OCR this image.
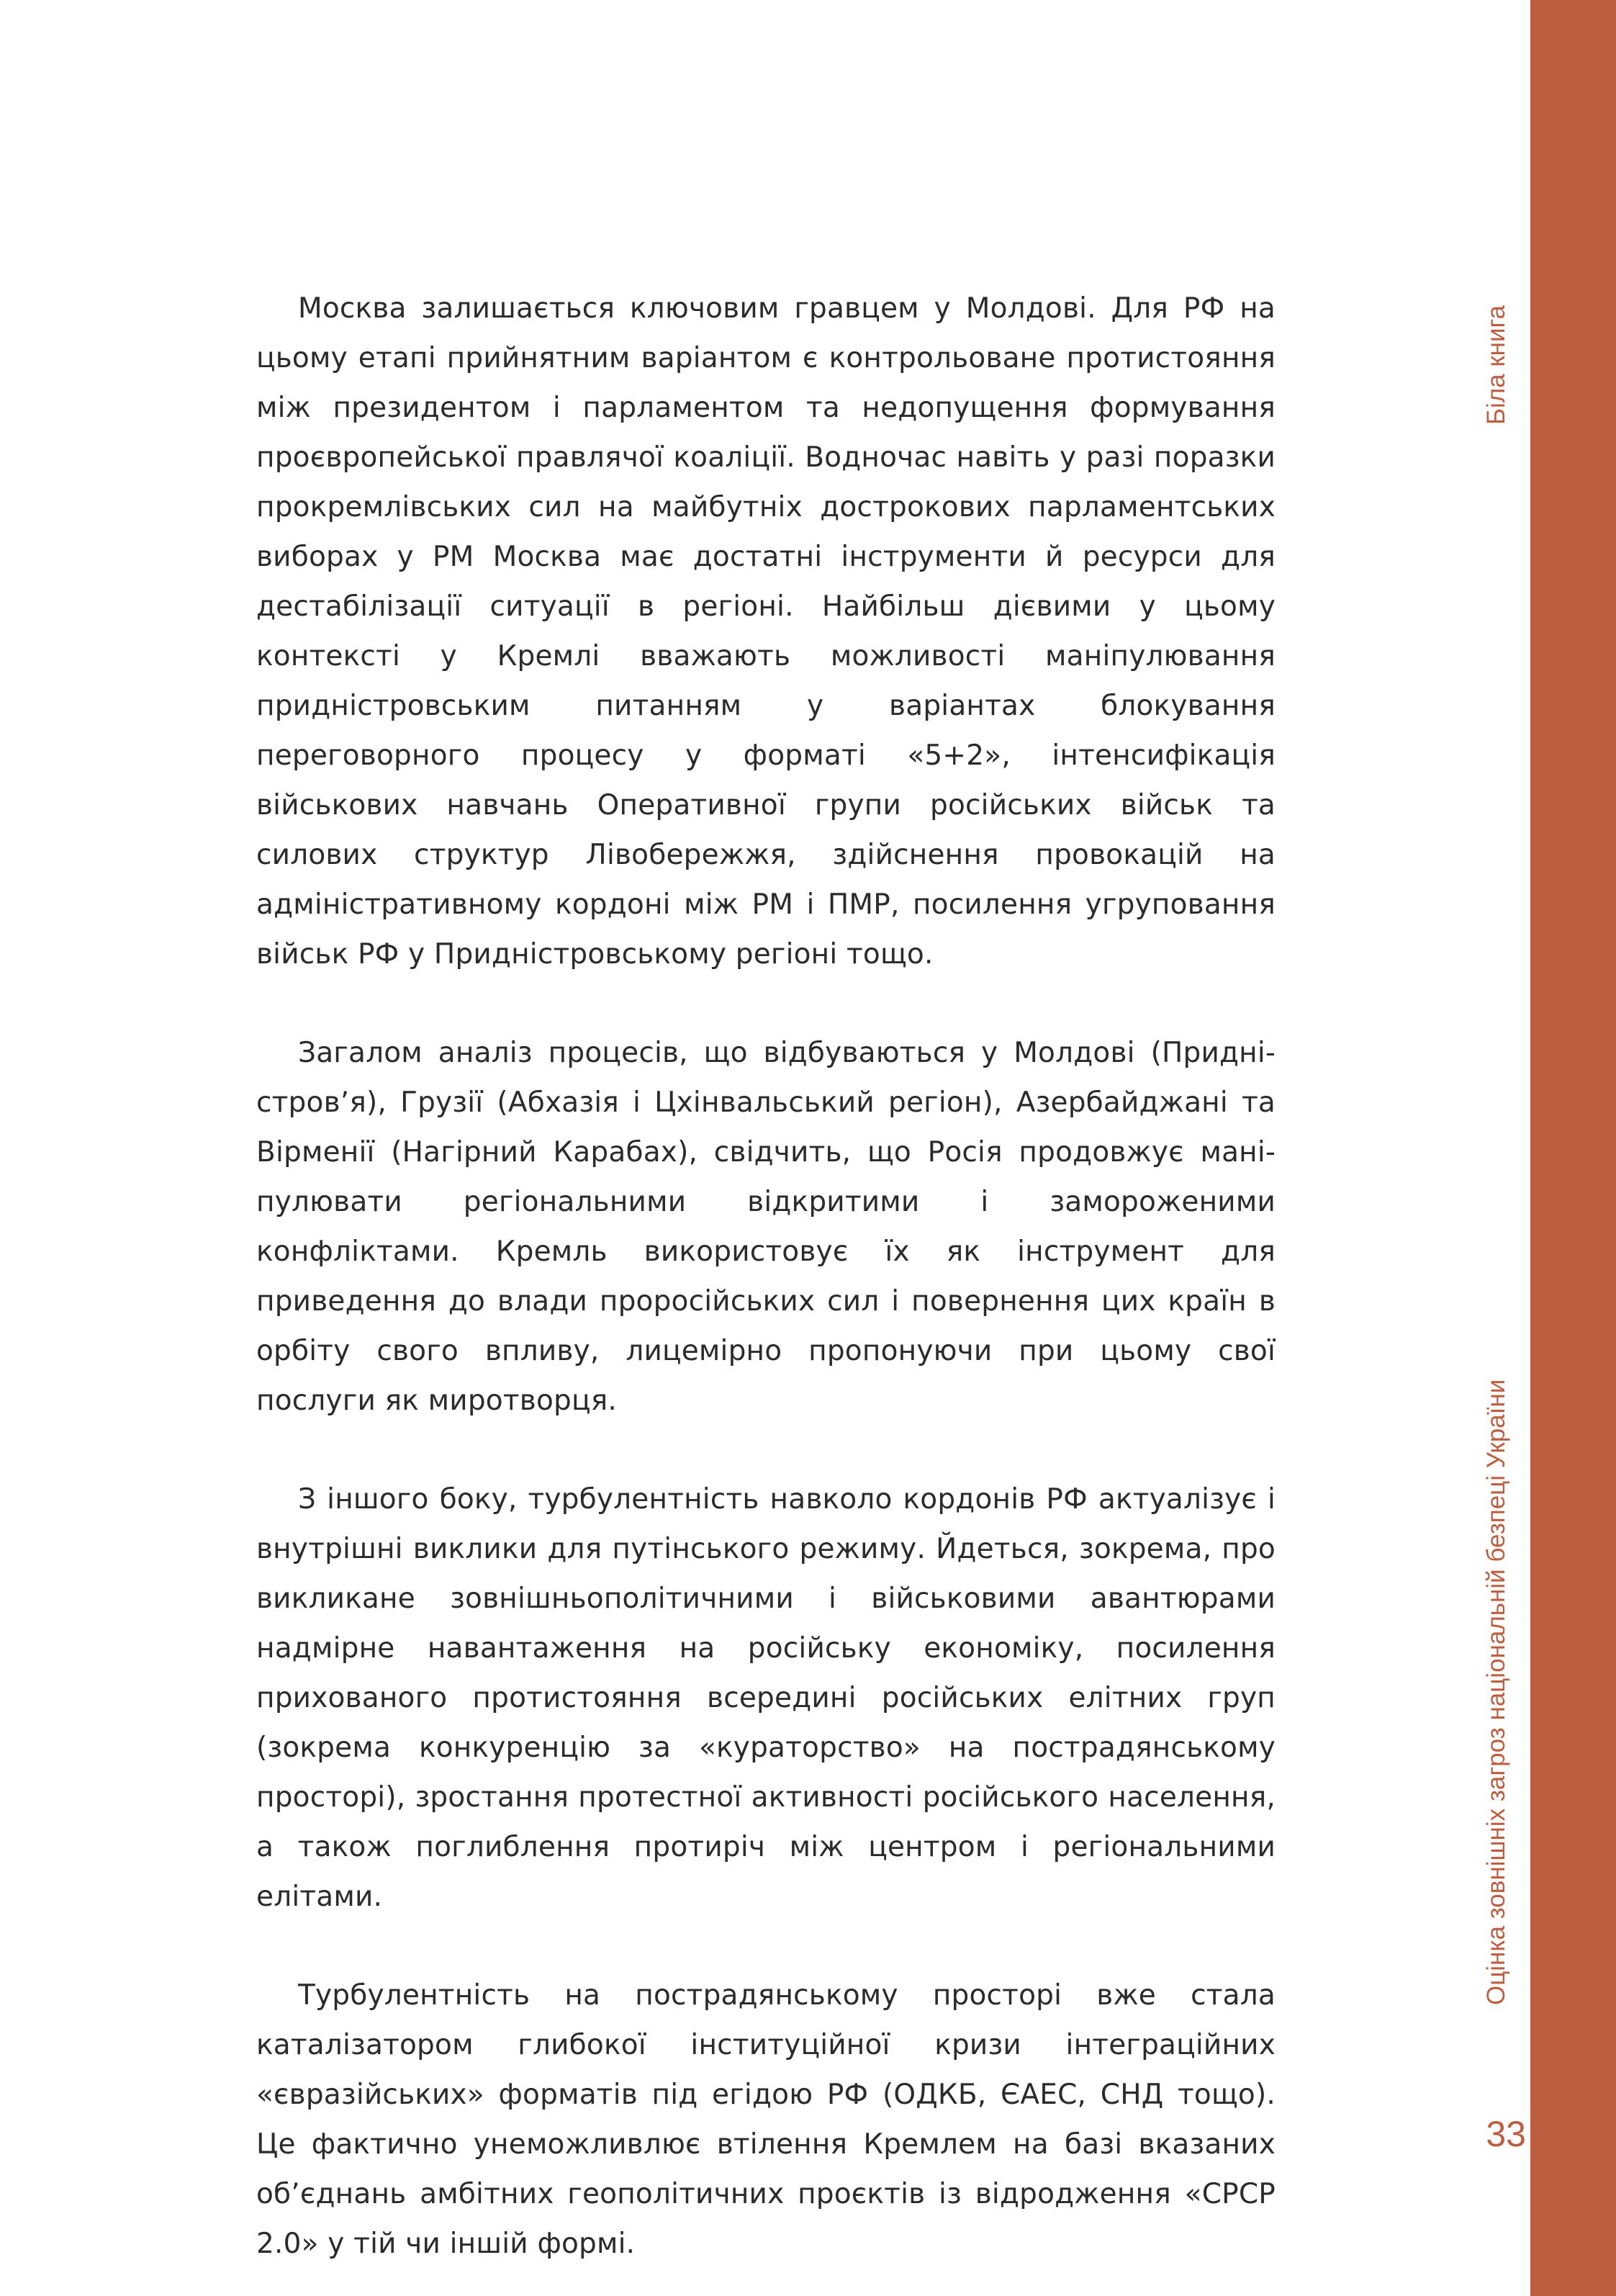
Москва залишається ключовим гравцем у Молдові. Для РФ на цьому етапі прийнятним варіантом є контрольоване протистояння між президентом і парламентом та недопущення формування проєвропейської правлячої коаліції. Водночас навіть у разі поразки прокремлівських сил на майбутніх дострокових парламентських виборах у РМ Москва має достатні інструменти й ресурси для дестабілізації ситуації в регіоні. Найбільш дієвими у цьому контексті у Кремлі вважають можливості маніпулювання придністровським питанням у варіантах блокування переговорного процесу у форматі «5+2», інтенсифікація військових навчань Оперативної групи російських військ та силових структур Лівобережжя, здійснення провокацій на адміністративному кордоні між РМ і ПМР, посилення угруповання військ РФ у Придністровському регіоні тощо.

Загалом аналіз процесів, що відбуваються у Молдові (Придністров’я), Грузії (Абхазія і Цхінвальський регіон), Азербайджані та Вірменії (Нагірний Карабах), свідчить, що Росія продовжує маніпулювати регіональними відкритими і замороженими конфліктами. Кремль використовує їх як інструмент для приведення до влади проросійських сил і повернення цих країн в орбіту свого впливу, лицемірно пропонуючи при цьому свої послуги як миротворця.

З іншого боку, турбулентність навколо кордонів РФ актуалізує і внутрішні виклики для путінського режиму. Йдеться, зокрема, про викликане зовнішньополітичними і військовими авантюрами надмірне навантаження на російську економіку, посилення прихованого протистояння всередині російських елітних груп (зокрема конкуренцію за «кураторство» на пострадянському просторі), зростання протестної активності російського населення, а також поглиблення протиріч між центром і регіональними елітами.

Турбулентність на пострадянському просторі вже стала каталізатором глибокої інституційної кризи інтеграційних «євразійських» форматів під егідою РФ (ОДКБ, ЄАЕС, СНД тощо). Це фактично унеможливлює втілення Кремлем на базі вказаних об’єднань амбітних геополітичних проєктів із відродження «СРСР 2.0» у тій чи іншій формі.

Біла книга
Оцінка зовнішніх загроз національній безпеці України
33
